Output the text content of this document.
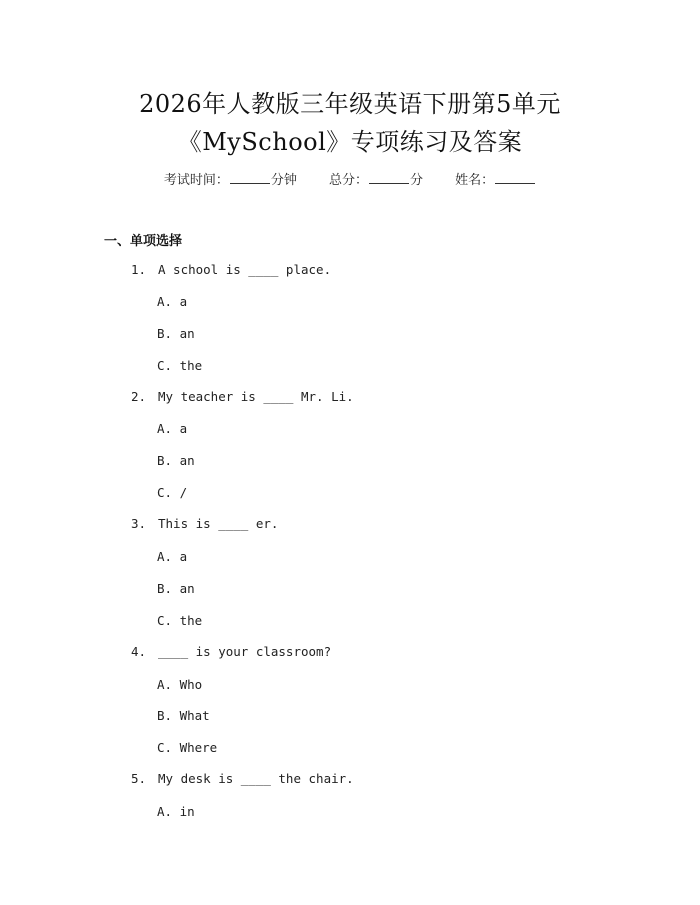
2026年人教版三年级英语下册第5单元
《MySchool》专项练习及答案
考试时间：	分钟 总分：	分 姓名：
一、单项选择
1. A school is ____ place.
A. a
B. an
C. the
2. My teacher is ____ Mr. Li.
A. a
B. an
C. /
3. This is ____ er.
A. a
B. an
C. the
4. ____ is your classroom?
A. Who
B. What
C. Where
5. My desk is ____ the chair.
A. in
